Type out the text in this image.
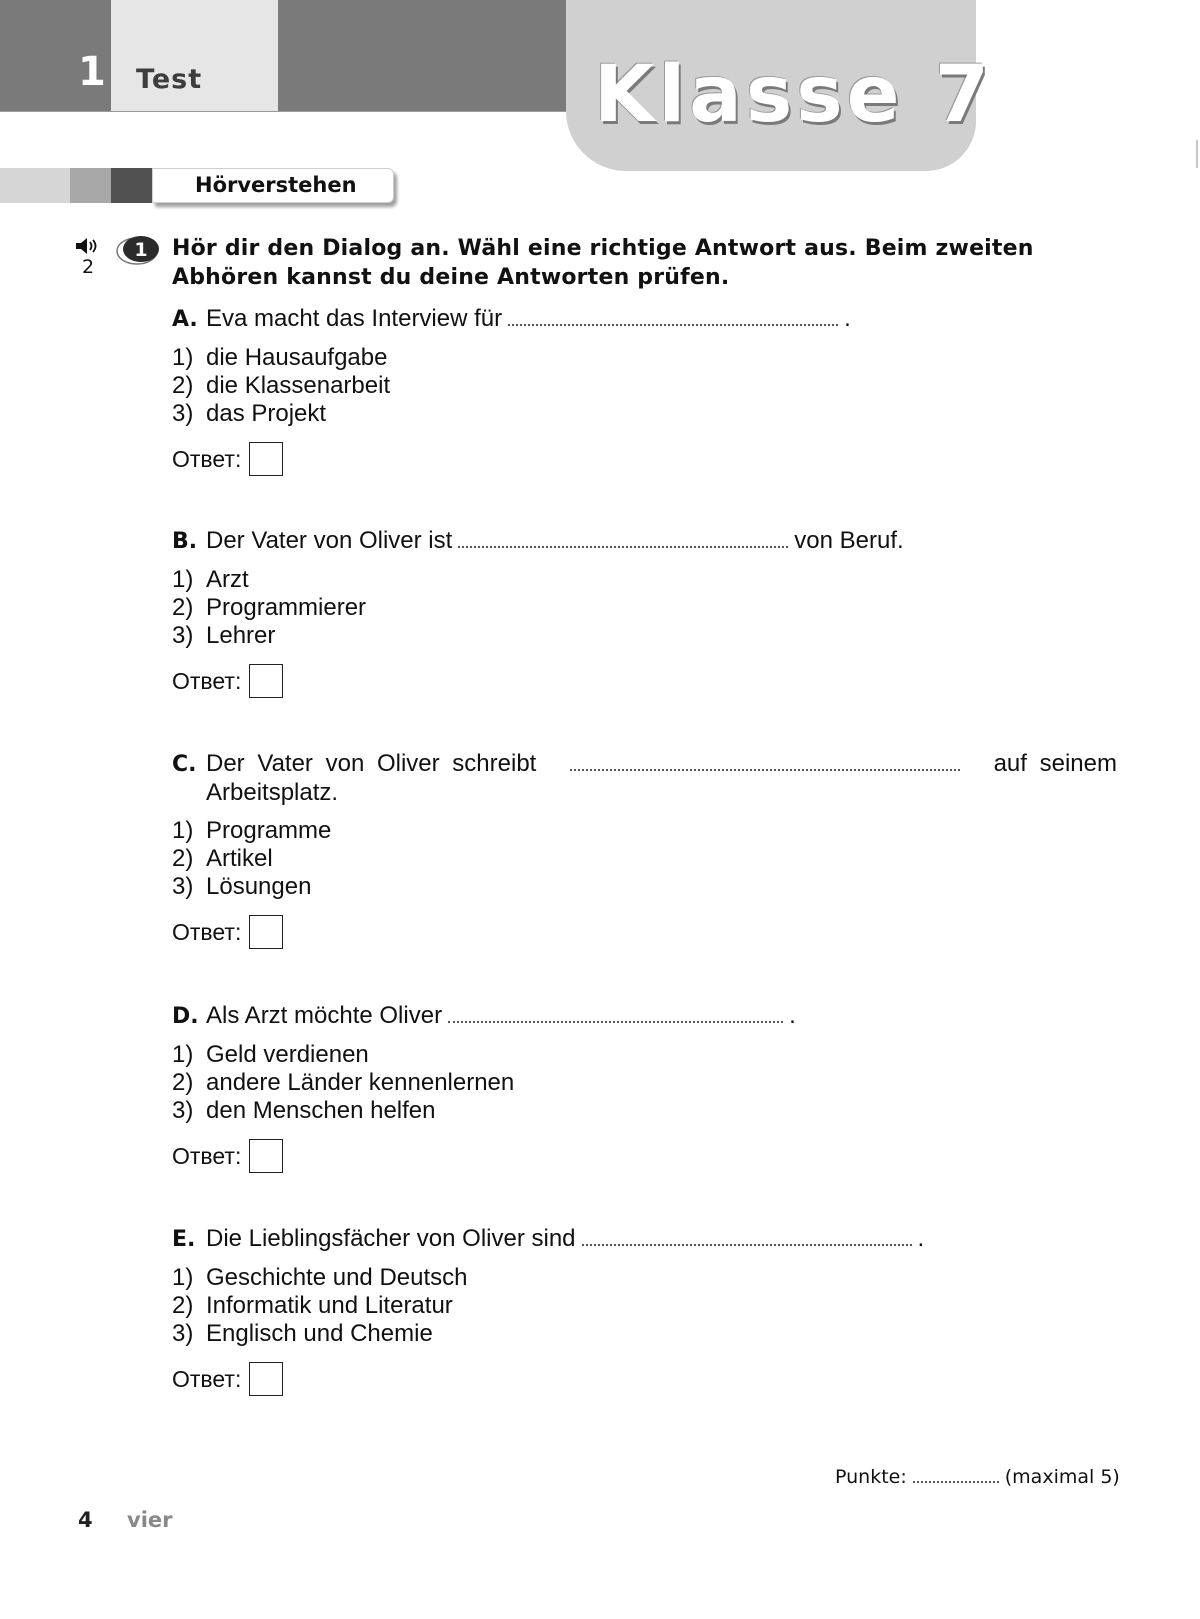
1 Test	Klasse 7
Hörverstehen
2
1 Hör dir den Dialog an. Wähl eine richtige Antwort aus. Beim zweiten Abhören kannst du deine Antworten prüfen.
A. Eva macht das Interview für	.
1) die Hausaufgabe
2) die Klassenarbeit
3) das Projekt
Ответ:
B. Der Vater von Oliver ist	von Beruf.
1) Arzt
2) Programmierer
3) Lehrer
Ответ:
C. Der Vater von Oliver schreibt	auf seinem
Arbeitsplatz.
1) Programme
2) Artikel
3) Lösungen
Ответ:
D. Als Arzt möchte Oliver	.
1) Geld verdienen
2) andere Länder kennenlernen
3) den Menschen helfen
Ответ:
E. Die Lieblingsfächer von Oliver sind	.
1) Geschichte und Deutsch
2) Informatik und Literatur
3) Englisch und Chemie
Ответ:
Punkte:	(maximal 5)
4 vier
